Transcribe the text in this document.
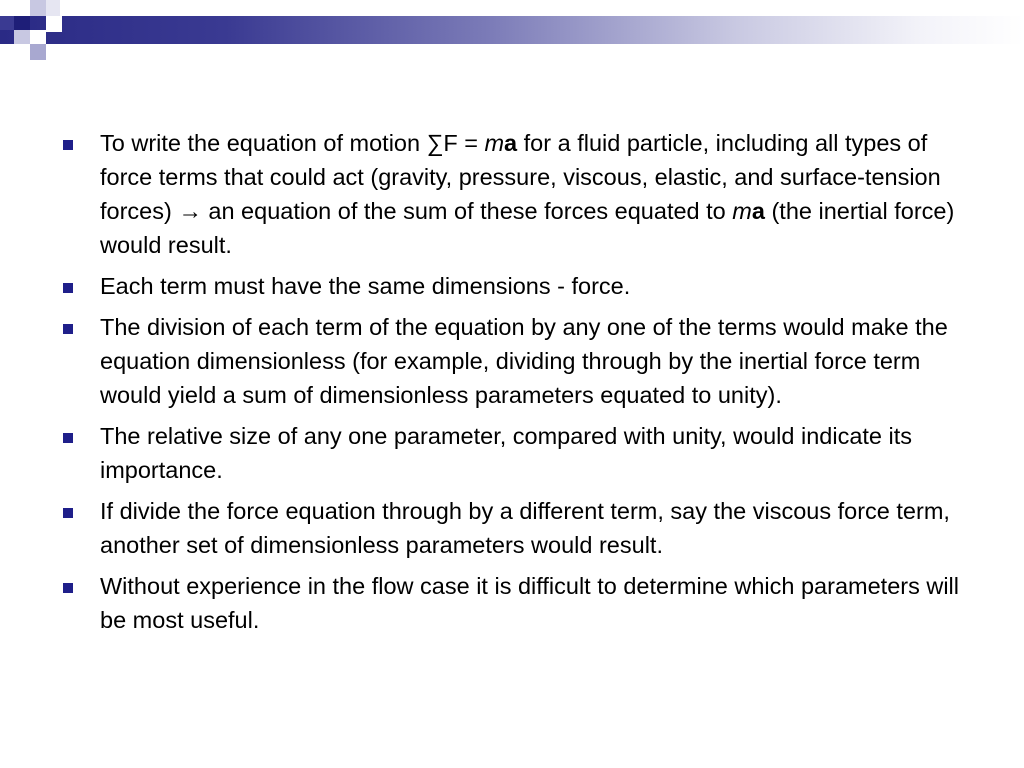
To write the equation of motion ∑F = ma for a fluid particle, including all types of force terms that could act (gravity, pressure, viscous, elastic, and surface-tension forces) → an equation of the sum of these forces equated to ma (the inertial force) would result.
Each term must have the same dimensions - force.
The division of each term of the equation by any one of the terms would make the equation dimensionless (for example, dividing through by the inertial force term would yield a sum of dimensionless parameters equated to unity).
The relative size of any one parameter, compared with unity, would indicate its importance.
If divide the force equation through by a different term, say the viscous force term, another set of dimensionless parameters would result.
Without experience in the flow case it is difficult to determine which parameters will be most useful.
